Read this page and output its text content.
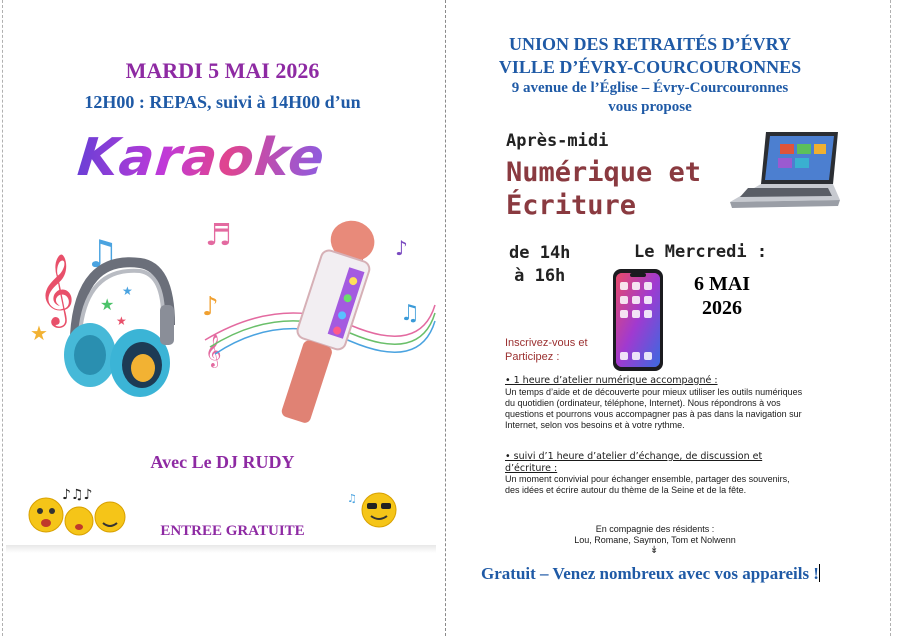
MARDI 5 MAI 2026
12H00 : REPAS, suivi à 14H00 d’un
Karaoke
𝄞 ♫
★
★
★
★
♬
♪
♪
♫
𝄞
Avec Le DJ RUDY
♪♫♪	♫
ENTREE GRATUITE
UNION DES RETRAITÉS D’ÉVRY
VILLE D’ÉVRY-COURCOURONNES
9 avenue de l’Église – Évry-Courcouronnes
vous propose
Après-midi
Numérique et
Écriture
de 14h
à 16h
Le Mercredi :
6 MAI
2026
Inscrivez-vous et
Participez :
• 1 heure d’atelier numérique accompagné :
Un temps d’aide et de découverte pour mieux utiliser les outils numériques du quotidien (ordinateur, téléphone, Internet). Nous répondrons à vos questions et pourrons vous accompagner pas à pas dans la navigation sur Internet, selon vos besoins et à votre rythme.
• suivi d’1 heure d’atelier d’échange, de discussion et d’écriture :
Un moment convivial pour échanger ensemble, partager des souvenirs, des idées et écrire autour du thème de la Seine et de la fête.
En compagnie des résidents :
Lou, Romane, Saymon, Tom et Nolwenn
↡
Gratuit – Venez nombreux avec vos appareils !
